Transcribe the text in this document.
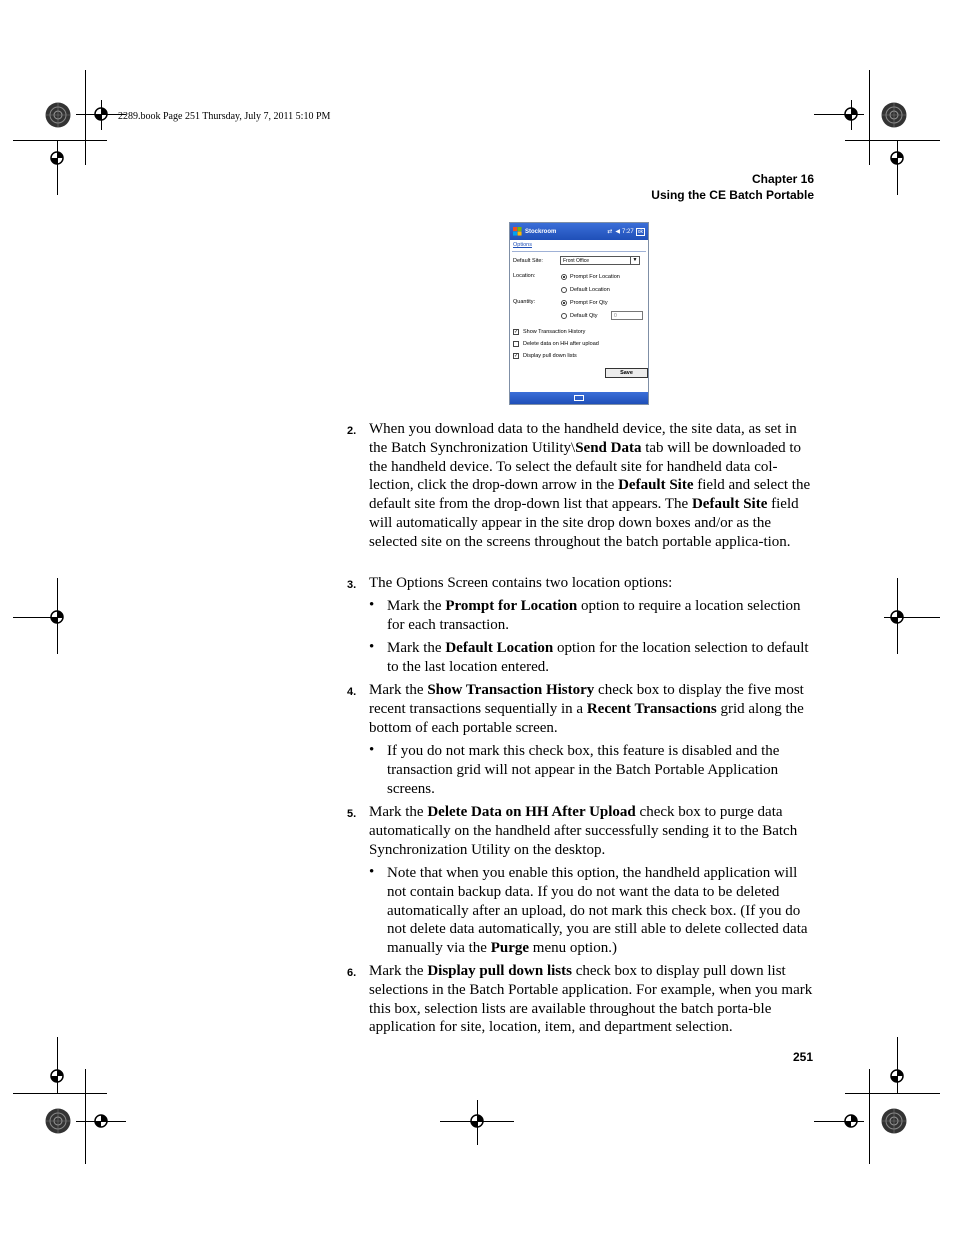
2289.book Page 251 Thursday, July 7, 2011 5:10 PM
Chapter 16
Using the CE Batch Portable
Stockroom	⇄ ◀ 7:27 ok
Options
Default Site:	Front Office	▼
Location:	Prompt For Location
Default Location
Quantity:	Prompt For Qty
Default Qty	0
✓ Show Transaction History
Delete data on HH after upload
✓ Display pull down lists
Save
2. When you download data to the handheld device, the site data, as set in the Batch Synchronization Utility\Send Data tab will be downloaded to the handheld device. To select the default site for handheld data col-lection, click the drop-down arrow in the Default Site field and select the default site from the drop-down list that appears. The Default Site field will automatically appear in the site drop down boxes and/or as the selected site on the screens throughout the batch portable applica-tion.
3. The Options Screen contains two location options:
• Mark the Prompt for Location option to require a location selection for each transaction.
• Mark the Default Location option for the location selection to default to the last location entered.
4. Mark the Show Transaction History check box to display the five most recent transactions sequentially in a Recent Transactions grid along the bottom of each portable screen.
• If you do not mark this check box, this feature is disabled and the transaction grid will not appear in the Batch Portable Application screens.
5. Mark the Delete Data on HH After Upload check box to purge data automatically on the handheld after successfully sending it to the Batch Synchronization Utility on the desktop.
• Note that when you enable this option, the handheld application will not contain backup data. If you do not want the data to be deleted automatically after an upload, do not mark this check box. (If you do not delete data automatically, you are still able to delete collected data manually via the Purge menu option.)
6. Mark the Display pull down lists check box to display pull down list selections in the Batch Portable application. For example, when you mark this box, selection lists are available throughout the batch porta-ble application for site, location, item, and department selection.
251
